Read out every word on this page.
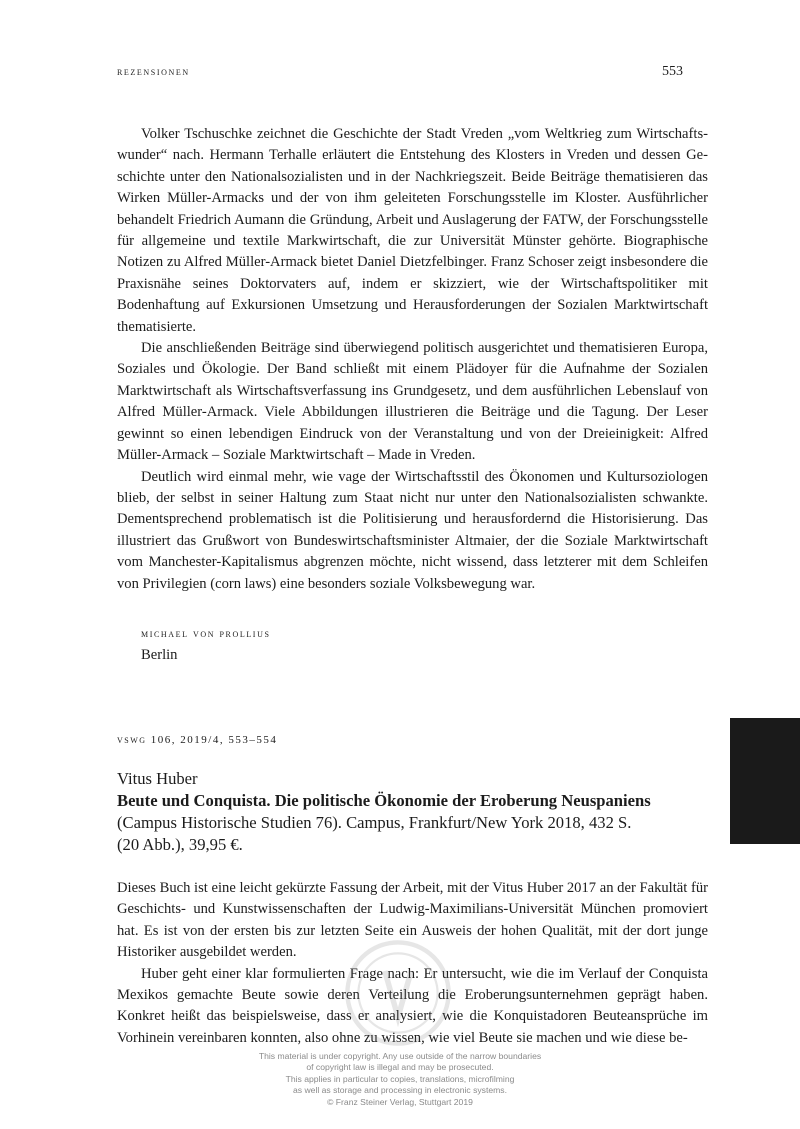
rezensionen	553

Volker Tschuschke zeichnet die Geschichte der Stadt Vreden „vom Weltkrieg zum Wirtschaftswunder“ nach. Hermann Terhalle erläutert die Entstehung des Klosters in Vreden und dessen Geschichte unter den Nationalsozialisten und in der Nachkriegszeit. Beide Beiträge thematisieren das Wirken Müller-Armacks und der von ihm geleiteten Forschungsstelle im Kloster. Ausführlicher behandelt Friedrich Aumann die Gründung, Arbeit und Auslagerung der FATW, der Forschungsstelle für allgemeine und textile Markwirtschaft, die zur Universität Münster gehörte. Biographische Notizen zu Alfred Müller-Armack bietet Daniel Dietzfelbinger. Franz Schoser zeigt insbesondere die Praxisnähe seines Doktorvaters auf, indem er skizziert, wie der Wirtschaftspolitiker mit Bodenhaftung auf Exkursionen Umsetzung und Herausforderungen der Sozialen Marktwirtschaft thematisierte.

Die anschließenden Beiträge sind überwiegend politisch ausgerichtet und thematisieren Europa, Soziales und Ökologie. Der Band schließt mit einem Plädoyer für die Aufnahme der Sozialen Marktwirtschaft als Wirtschaftsverfassung ins Grundgesetz, und dem ausführlichen Lebenslauf von Alfred Müller-Armack. Viele Abbildungen illustrieren die Beiträge und die Tagung. Der Leser gewinnt so einen lebendigen Eindruck von der Veranstaltung und von der Dreieinigkeit: Alfred Müller-Armack – Soziale Marktwirtschaft – Made in Vreden.

Deutlich wird einmal mehr, wie vage der Wirtschaftsstil des Ökonomen und Kultursoziologen blieb, der selbst in seiner Haltung zum Staat nicht nur unter den Nationalsozialisten schwankte. Dementsprechend problematisch ist die Politisierung und herausfordernd die Historisierung. Das illustriert das Grußwort von Bundeswirtschaftsminister Altmaier, der die Soziale Marktwirtschaft vom Manchester-Kapitalismus abgrenzen möchte, nicht wissend, dass letzterer mit dem Schleifen von Privilegien (corn laws) eine besonders soziale Volksbewegung war.

michael von prollius
Berlin
vswg 106, 2019/4, 553–554
Vitus Huber
Beute und Conquista. Die politische Ökonomie der Eroberung Neuspaniens
(Campus Historische Studien 76). Campus, Frankfurt/New York 2018, 432 S.
(20 Abb.), 39,95 €.

Dieses Buch ist eine leicht gekürzte Fassung der Arbeit, mit der Vitus Huber 2017 an der Fakultät für Geschichts- und Kunstwissenschaften der Ludwig-Maximilians-Universität München promoviert hat. Es ist von der ersten bis zur letzten Seite ein Ausweis der hohen Qualität, mit der dort junge Historiker ausgebildet werden.

Huber geht einer klar formulierten Frage nach: Er untersucht, wie die im Verlauf der Conquista Mexikos gemachte Beute sowie deren Verteilung die Eroberungsunternehmen geprägt haben. Konkret heißt das beispielsweise, dass er analysiert, wie die Konquistadoren Beuteansprüche im Vorhinein vereinbaren konnten, also ohne zu wissen, wie viel Beute sie machen und wie diese be-

This material is under copyright. Any use outside of the narrow boundaries
of copyright law is illegal and may be prosecuted.
This applies in particular to copies, translations, microfilming
as well as storage and processing in electronic systems.
© Franz Steiner Verlag, Stuttgart 2019
